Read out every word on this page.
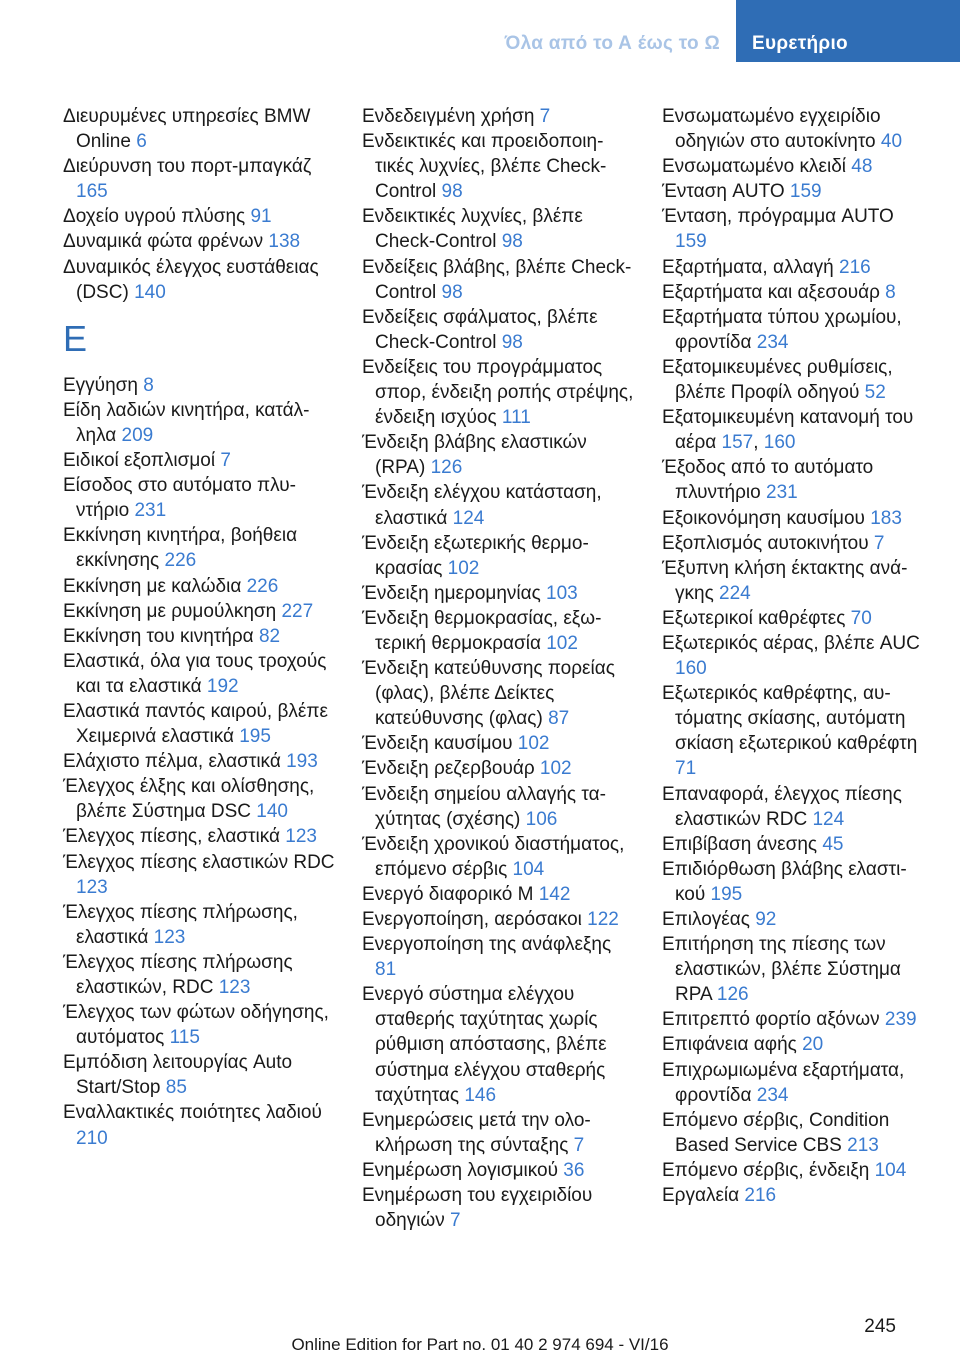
Όλα από το Α έως το Ω	Ευρετήριο

Διευρυμένες υπηρεσίες BMW Online 6

Διεύρυνση του πορτ-μπαγκάζ 165

Δοχείο υγρού πλύσης 91

Δυναμικά φώτα φρένων 138

Δυναμικός έλεγχος ευστάθειας (DSC) 140

Ε

Εγγύηση 8

Είδη λαδιών κινητήρα, κατάλληλα 209

Ειδικοί εξοπλισμοί 7

Είσοδος στο αυτόματο πλυντήριο 231

Εκκίνηση κινητήρα, βοήθεια εκκίνησης 226

Εκκίνηση με καλώδια 226

Εκκίνηση με ρυμούλκηση 227

Εκκίνηση του κινητήρα 82

Ελαστικά, όλα για τους τροχούς και τα ελαστικά 192

Ελαστικά παντός καιρού, βλέπε Χειμερινά ελαστικά 195

Ελάχιστο πέλμα, ελαστικά 193

Έλεγχος έλξης και ολίσθησης, βλέπε Σύστημα DSC 140

Έλεγχος πίεσης, ελαστικά 123

Έλεγχος πίεσης ελαστικών RDC 123

Έλεγχος πίεσης πλήρωσης, ελαστικά 123

Έλεγχος πίεσης πλήρωσης ελαστικών, RDC 123

Έλεγχος των φώτων οδήγησης, αυτόματος 115

Εμπόδιση λειτουργίας Auto Start/Stop 85

Εναλλακτικές ποιότητες λαδιού 210

Ενδεδειγμένη χρήση 7

Ενδεικτικές και προειδοποιητικές λυχνίες, βλέπε Check-Control 98

Ενδεικτικές λυχνίες, βλέπε Check-Control 98

Ενδείξεις βλάβης, βλέπε Check-Control 98

Ενδείξεις σφάλματος, βλέπε Check-Control 98

Ενδείξεις του προγράμματος σπορ, ένδειξη ροπής στρέψης, ένδειξη ισχύος 111

Ένδειξη βλάβης ελαστικών (RPA) 126

Ένδειξη ελέγχου κατάσταση, ελαστικά 124

Ένδειξη εξωτερικής θερμοκρασίας 102

Ένδειξη ημερομηνίας 103

Ένδειξη θερμοκρασίας, εξωτερική θερμοκρασία 102

Ένδειξη κατεύθυνσης πορείας (φλας), βλέπε Δείκτες κατεύθυνσης (φλας) 87

Ένδειξη καυσίμου 102

Ένδειξη ρεζερβουάρ 102

Ένδειξη σημείου αλλαγής ταχύτητας (σχέσης) 106

Ένδειξη χρονικού διαστήματος, επόμενο σέρβις 104

Ενεργό διαφορικό M 142

Ενεργοποίηση, αερόσακοι 122

Ενεργοποίηση της ανάφλεξης 81

Ενεργό σύστημα ελέγχου σταθερής ταχύτητας χωρίς ρύθμιση απόστασης, βλέπε σύστημα ελέγχου σταθερής ταχύτητας 146

Ενημερώσεις μετά την ολοκλήρωση της σύνταξης 7

Ενημέρωση λογισμικού 36

Ενημέρωση του εγχειριδίου οδηγιών 7

Ενσωματωμένο εγχειρίδιο οδηγιών στο αυτοκίνητο 40

Ενσωματωμένο κλειδί 48

Ένταση AUTO 159

Ένταση, πρόγραμμα AUTO 159

Εξαρτήματα, αλλαγή 216

Εξαρτήματα και αξεσουάρ 8

Εξαρτήματα τύπου χρωμίου, φροντίδα 234

Εξατομικευμένες ρυθμίσεις, βλέπε Προφίλ οδηγού 52

Εξατομικευμένη κατανομή του αέρα 157, 160

Έξοδος από το αυτόματο πλυντήριο 231

Εξοικονόμηση καυσίμου 183

Εξοπλισμός αυτοκινήτου 7

Έξυπνη κλήση έκτακτης ανάγκης 224

Εξωτερικοί καθρέφτες 70

Εξωτερικός αέρας, βλέπε AUC 160

Εξωτερικός καθρέφτης, αυτόματης σκίασης, αυτόματη σκίαση εξωτερικού καθρέφτη 71

Επαναφορά, έλεγχος πίεσης ελαστικών RDC 124

Επιβίβαση άνεσης 45

Επιδιόρθωση βλάβης ελαστικού 195

Επιλογέας 92

Επιτήρηση της πίεσης των ελαστικών, βλέπε Σύστημα RPA 126

Επιτρεπτό φορτίο αξόνων 239

Επιφάνεια αφής 20

Επιχρωμιωμένα εξαρτήματα, φροντίδα 234

Επόμενο σέρβις, Condition Based Service CBS 213

Επόμενο σέρβις, ένδειξη 104

Εργαλεία 216

245
Online Edition for Part no. 01 40 2 974 694 - VI/16
